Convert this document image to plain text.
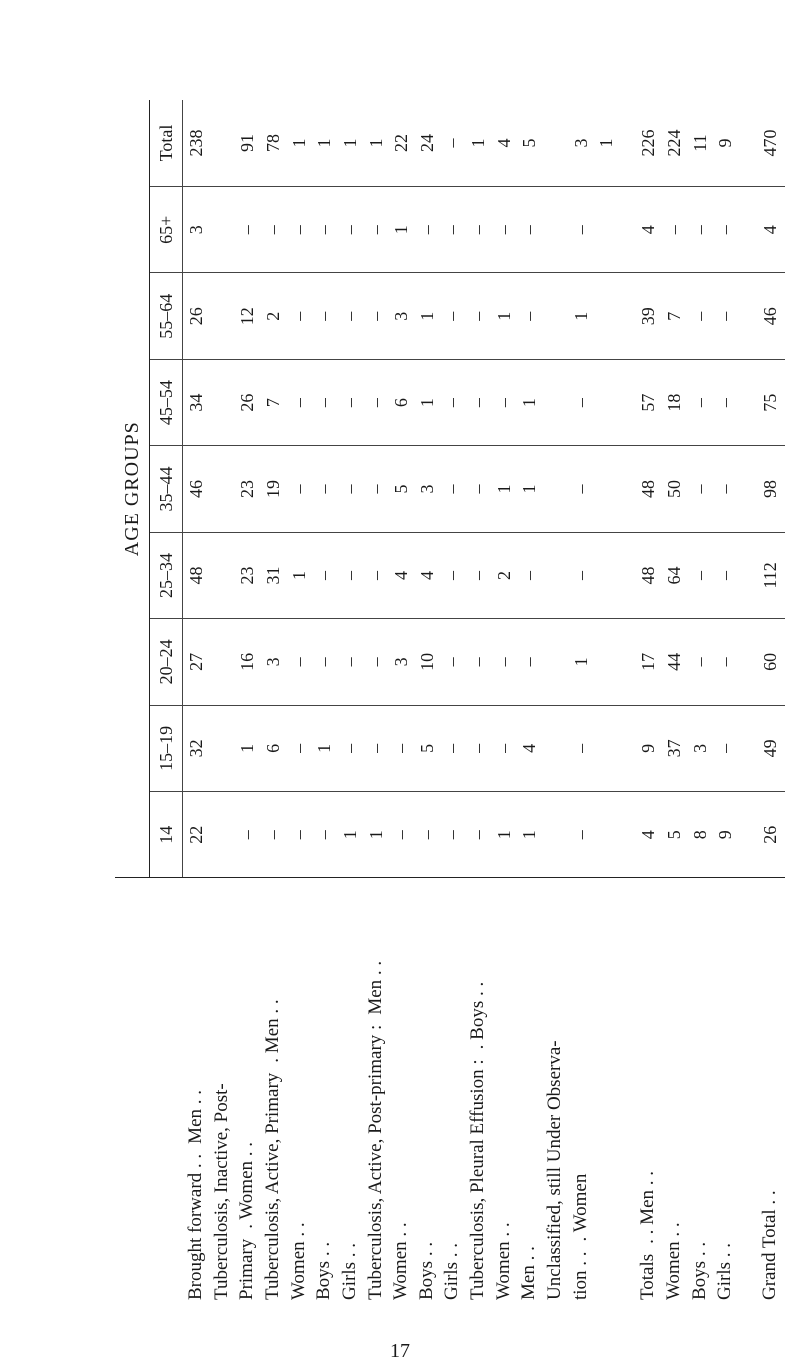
	AGE GROUPS								
	14	15–19	20–24	25–34	35–44	45–54	55–64	65+	Total
Brought forward . .Men . .	22	32	27	48	46	34	26	3	238
Tuberculosis, Inactive, Post-									
Primary. Women . .	–	1	16	23	23	26	12	–	91
Tuberculosis, Active, Primary. Men . .	–	6	3	31	19	7	2	–	78
Women . .	–	–	–	1	–	–	–	–	1
Boys . .	–	1	–	–	–	–	–	–	1
Girls . .	1	–	–	–	–	–	–	–	1
Tuberculosis, Active, Post-primary :Men . .	1	–	–	–	–	–	–	–	1
Women . .	–	–	3	4	5	6	3	1	22
Boys . .	–	5	10	4	3	1	1	–	24
Girls . .	–	–	–	–	–	–	–	–	–
Tuberculosis, Pleural Effusion :. Boys . .	–	–	–	–	–	–	–	–	1
Women . .	1	–	–	2	1	–	1	–	4
Men . .	1	4	–	–	1	1	–	–	5
Unclassified, still Under Observa-									
tion . .. Women	–	–	1	–	–	–	1	–	3
									1

Totals. . Men . .	4	9	17	48	48	57	39	4	226
Women . .	5	37	44	64	50	18	7	–	224
Boys . .	8	3	–	–	–	–	–	–	11
Girls . .	9	–	–	–	–	–	–	–	9

Grand Total . .	26	49	60	112	98	75	46	4	470
17
